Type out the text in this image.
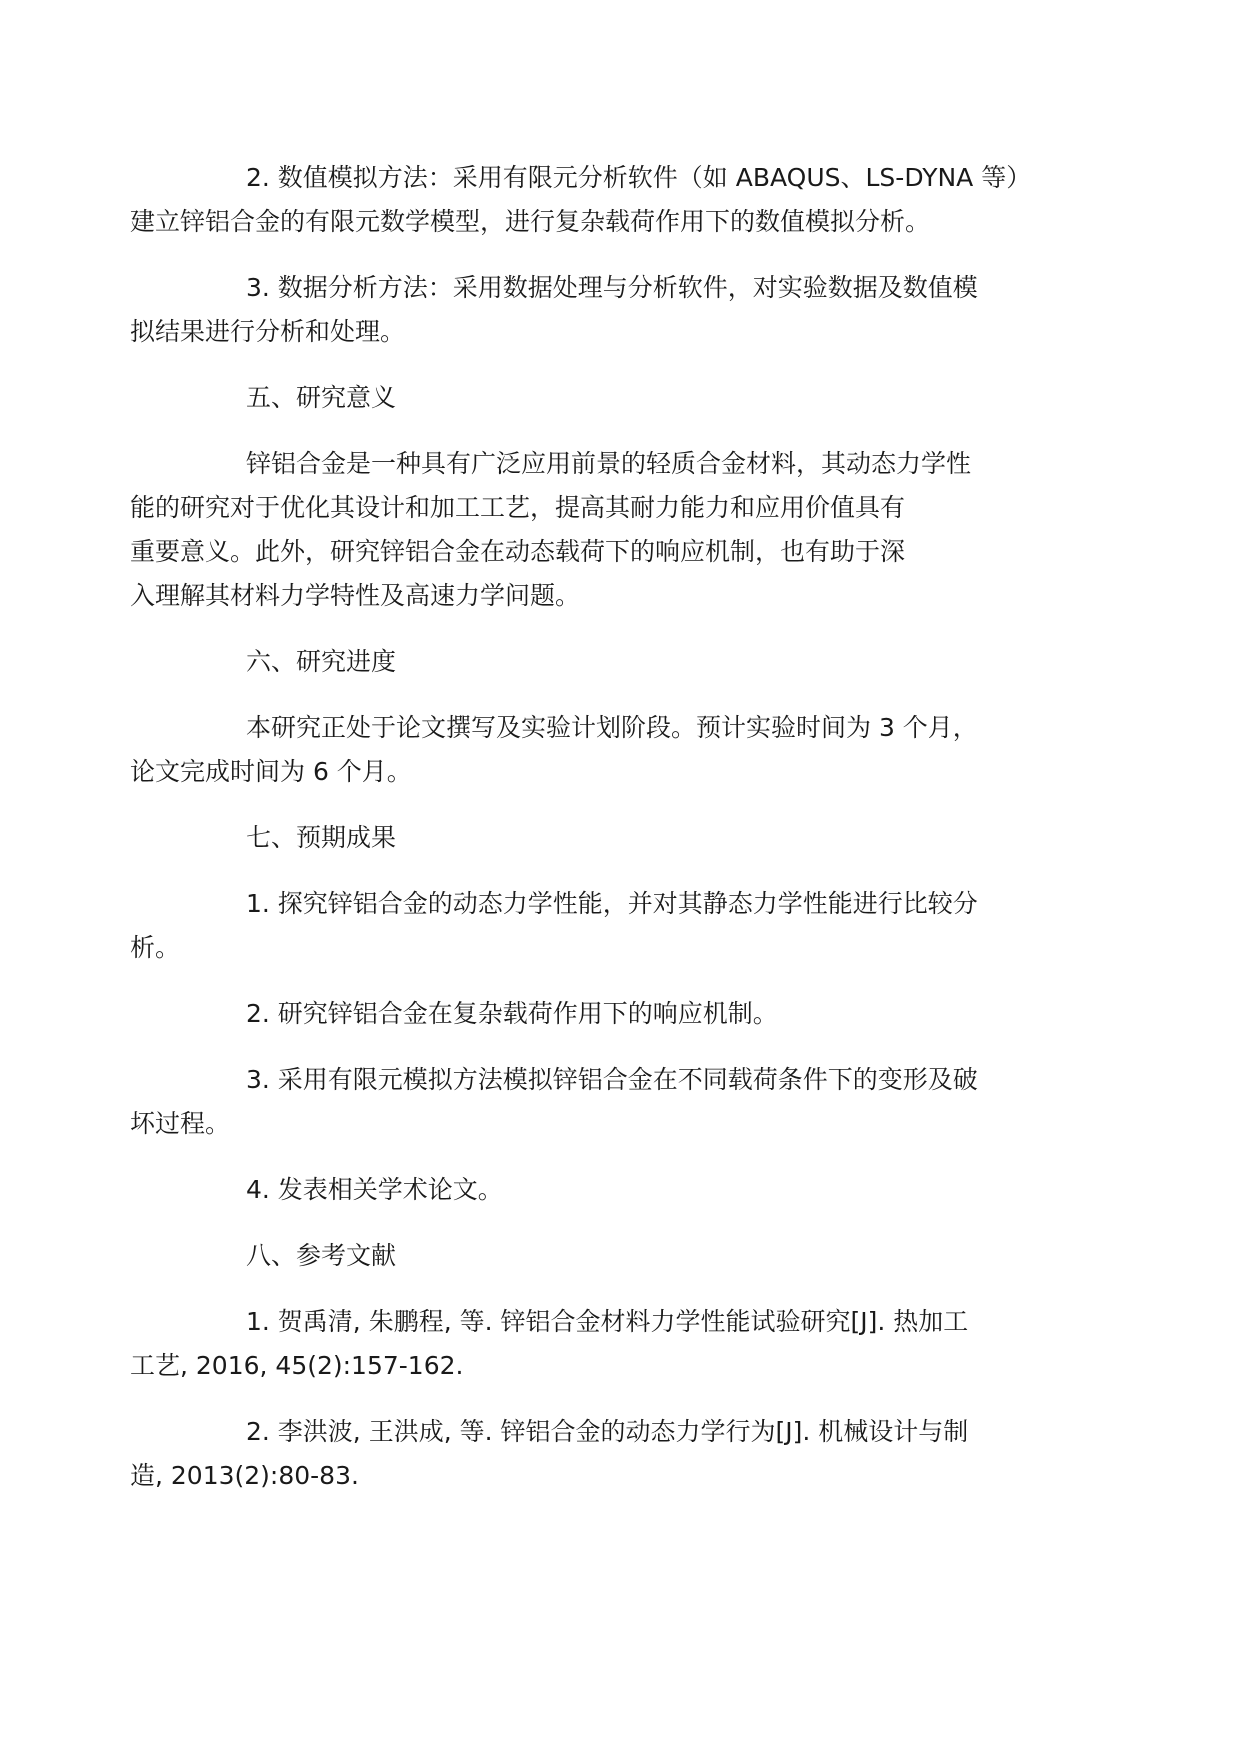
2. 数值模拟方法：采用有限元分析软件（如 ABAQUS、LS-DYNA 等）
建立锌铝合金的有限元数学模型，进行复杂载荷作用下的数值模拟分析。

3. 数据分析方法：采用数据处理与分析软件，对实验数据及数值模
拟结果进行分析和处理。

五、研究意义

锌铝合金是一种具有广泛应用前景的轻质合金材料，其动态力学性
能的研究对于优化其设计和加工工艺，提高其耐力能力和应用价值具有
重要意义。此外，研究锌铝合金在动态载荷下的响应机制，也有助于深
入理解其材料力学特性及高速力学问题。

六、研究进度

本研究正处于论文撰写及实验计划阶段。预计实验时间为 3 个月，
论文完成时间为 6 个月。

七、预期成果

1. 探究锌铝合金的动态力学性能，并对其静态力学性能进行比较分
析。

2. 研究锌铝合金在复杂载荷作用下的响应机制。

3. 采用有限元模拟方法模拟锌铝合金在不同载荷条件下的变形及破
坏过程。

4. 发表相关学术论文。

八、参考文献

1. 贺禹清, 朱鹏程, 等. 锌铝合金材料力学性能试验研究[J]. 热加工
工艺, 2016, 45(2):157-162.

2. 李洪波, 王洪成, 等. 锌铝合金的动态力学行为[J]. 机械设计与制
造, 2013(2):80-83.
